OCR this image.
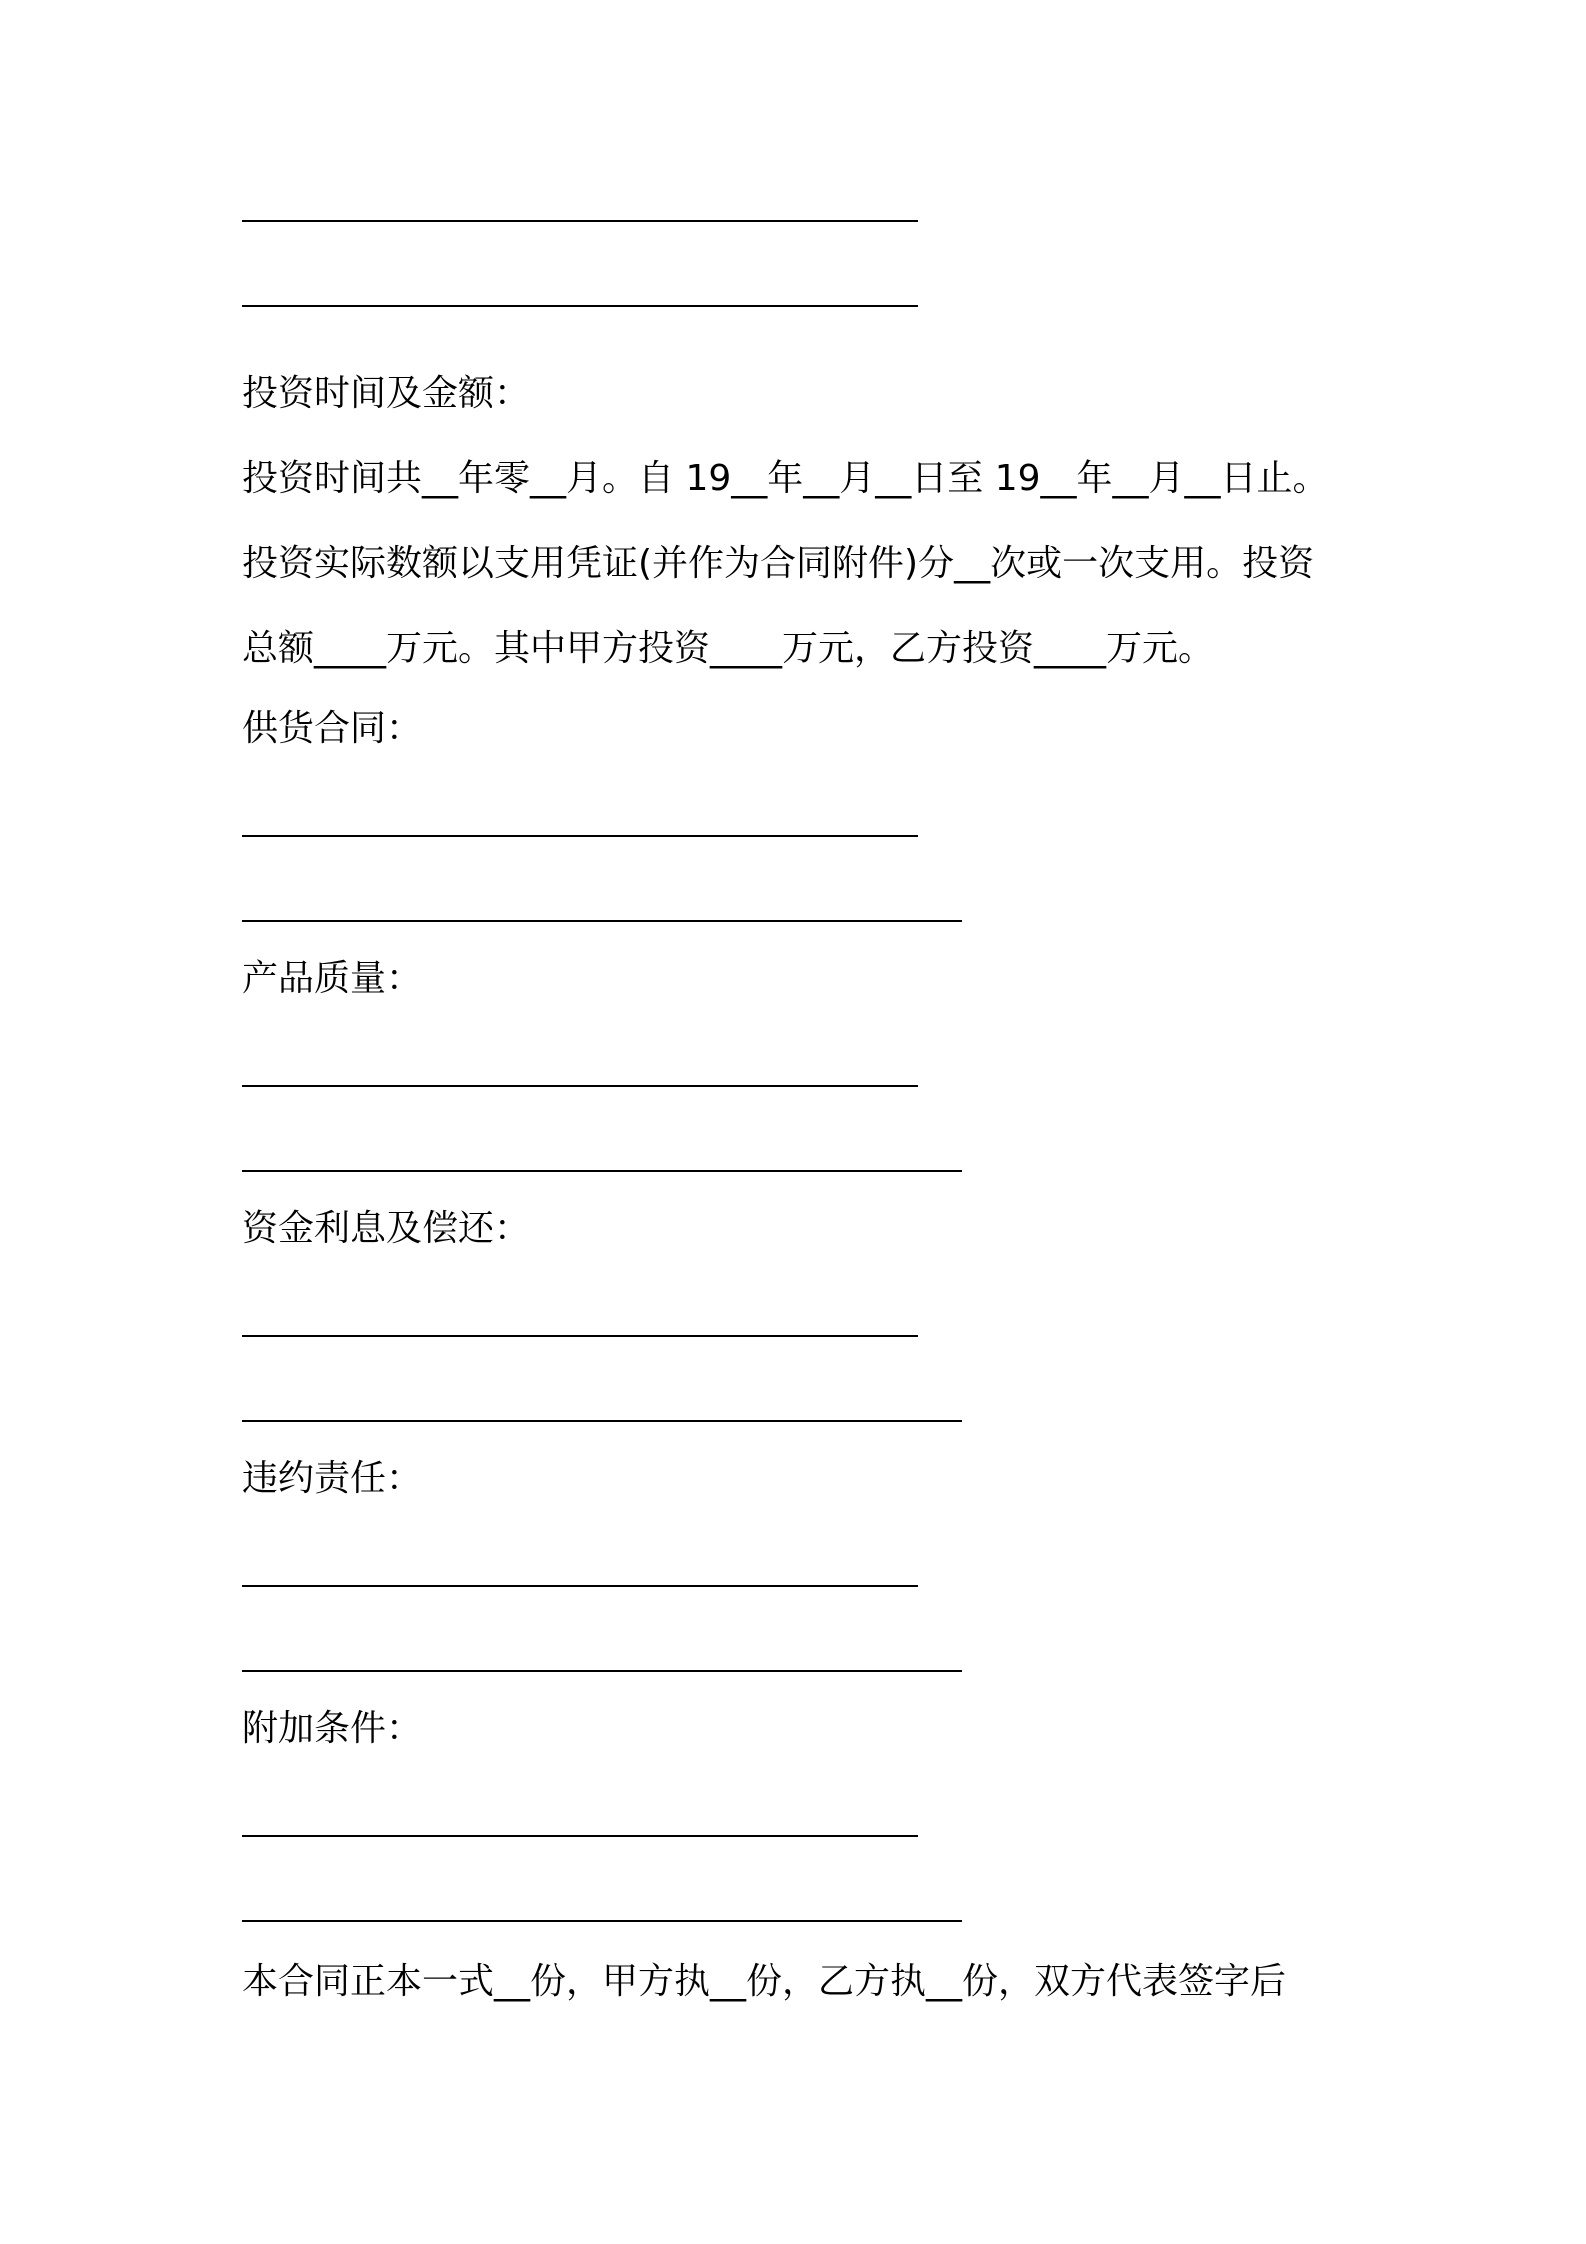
投资时间及金额：

投资时间共__年零__月。自 19__年__月__日至 19__年__月__日止。

投资实际数额以支用凭证(并作为合同附件)分__次或一次支用。投资

总额____万元。其中甲方投资____万元，乙方投资____万元。

供货合同：

产品质量：

资金利息及偿还：

违约责任：

附加条件：

本合同正本一式__份，甲方执__份，乙方执__份，双方代表签字后
